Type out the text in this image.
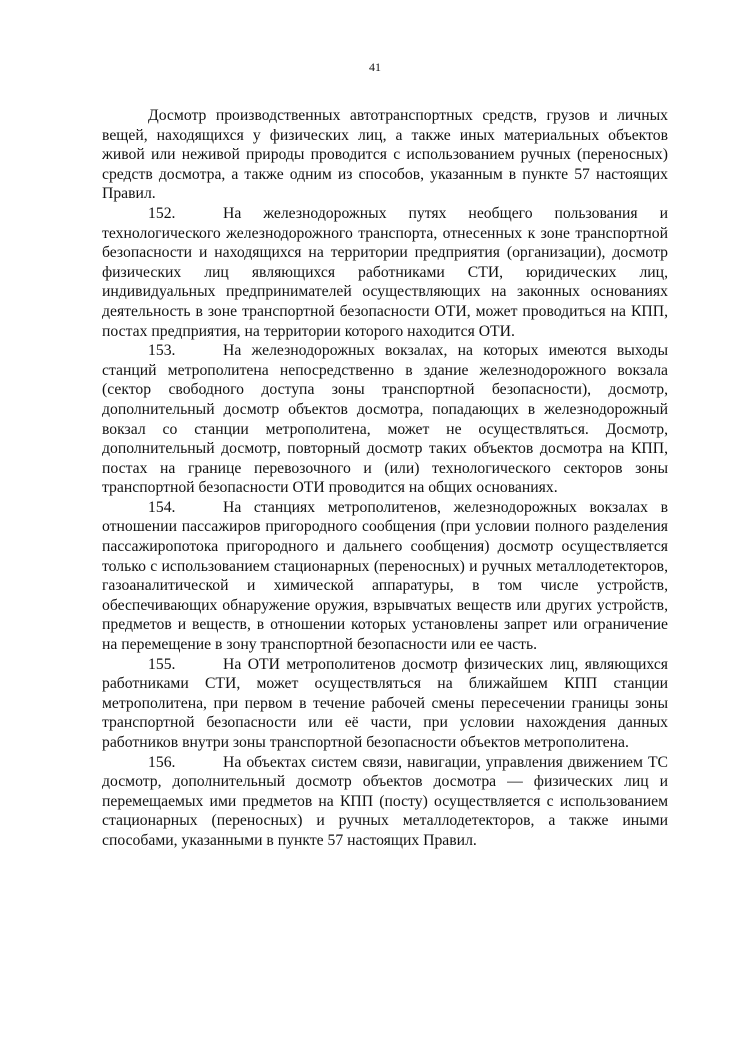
41

Досмотр производственных автотранспортных средств, грузов и личных вещей, находящихся у физических лиц, а также иных материальных объектов живой или неживой природы проводится с использованием ручных (переносных) средств досмотра, а также одним из способов, указанным в пункте 57 настоящих Правил.

152.	На железнодорожных путях необщего пользования и технологического железнодорожного транспорта, отнесенных к зоне транспортной безопасности и находящихся на территории предприятия (организации), досмотр физических лиц являющихся работниками СТИ, юридических лиц, индивидуальных предпринимателей осуществляющих на законных основаниях деятельность в зоне транспортной безопасности ОТИ, может проводиться на КПП, постах предприятия, на территории которого находится ОТИ.

153.	На железнодорожных вокзалах, на которых имеются выходы станций метрополитена непосредственно в здание железнодорожного вокзала (сектор свободного доступа зоны транспортной безопасности), досмотр, дополнительный досмотр объектов досмотра, попадающих в железнодорожный вокзал со станции метрополитена, может не осуществляться. Досмотр, дополнительный досмотр, повторный досмотр таких объектов досмотра на КПП, постах на границе перевозочного и (или) технологического секторов зоны транспортной безопасности ОТИ проводится на общих основаниях.

154.	На станциях метрополитенов, железнодорожных вокзалах в отношении пассажиров пригородного сообщения (при условии полного разделения пассажиропотока пригородного и дальнего сообщения) досмотр осуществляется только с использованием стационарных (переносных) и ручных металлодетекторов, газоаналитической и химической аппаратуры, в том числе устройств, обеспечивающих обнаружение оружия, взрывчатых веществ или других устройств, предметов и веществ, в отношении которых установлены запрет или ограничение на перемещение в зону транспортной безопасности или ее часть.

155.	На ОТИ метрополитенов досмотр физических лиц, являющихся работниками СТИ, может осуществляться на ближайшем КПП станции метрополитена, при первом в течение рабочей смены пересечении границы зоны транспортной безопасности или её части, при условии нахождения данных работников внутри зоны транспортной безопасности объектов метрополитена.

156.	На объектах систем связи, навигации, управления движением ТС досмотр, дополнительный досмотр объектов досмотра — физических лиц и перемещаемых ими предметов на КПП (посту) осуществляется с использованием стационарных (переносных) и ручных металлодетекторов, а также иными способами, указанными в пункте 57 настоящих Правил.
